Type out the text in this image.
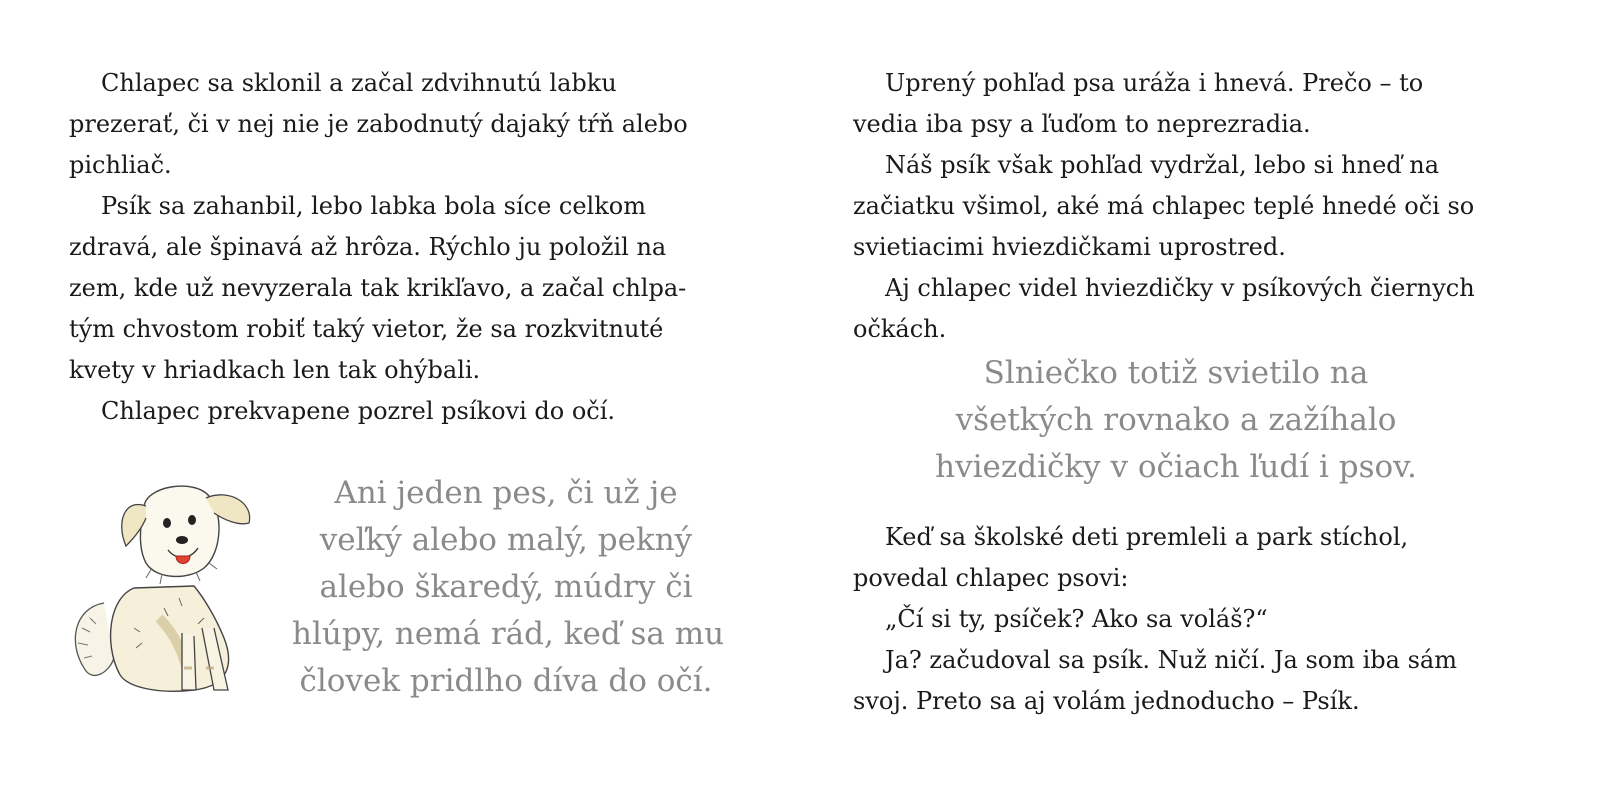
Chlapec sa sklonil a začal zdvihnutú labku
prezerať, či v nej nie je zabodnutý dajaký tŕň alebo
pichliač.
Psík sa zahanbil, lebo labka bola síce celkom
zdravá, ale špinavá až hrôza. Rýchlo ju položil na
zem, kde už nevyzerala tak krikľavo, a začal chlpa-
tým chvostom robiť taký vietor, že sa rozkvitnuté
kvety v hriadkach len tak ohýbali.
Chlapec prekvapene pozrel psíkovi do očí.
Ani jeden pes, či už je
veľký alebo malý, pekný
alebo škaredý, múdry či
hlúpy, nemá rád, keď sa mu
človek pridlho díva do očí.
Uprený pohľad psa uráža i hnevá. Prečo – to
vedia iba psy a ľuďom to neprezradia.
Náš psík však pohľad vydržal, lebo si hneď na
začiatku všimol, aké má chlapec teplé hnedé oči so
svietiacimi hviezdičkami uprostred.
Aj chlapec videl hviezdičky v psíkových čiernych
očkách.
Slniečko totiž svietilo na
všetkých rovnako a zažíhalo
hviezdičky v očiach ľudí i psov.
Keď sa školské deti premleli a park stíchol,
povedal chlapec psovi:
„Čí si ty, psíček? Ako sa voláš?“
Ja? začudoval sa psík. Nuž ničí. Ja som iba sám
svoj. Preto sa aj volám jednoducho – Psík.
